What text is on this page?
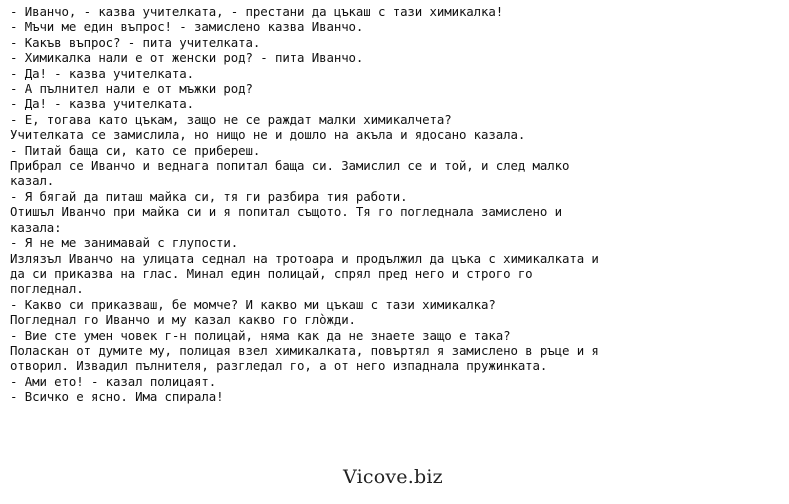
- Иванчо, - казва учителката, - престани да цъкаш с тази химикалка!
- Мъчи ме един въпрос! - замислено казва Иванчо.
- Какъв въпрос? - пита учителката.
- Химикалка нали е от женски род? - пита Иванчо.
- Да! - казва учителката.
- А пълнител нали е от мъжки род?
- Да! - казва учителката.
- Е, тогава като цъкам, защо не се раждат малки химикалчета?
Учителката се замислила, но нищо не и дошло на акъла и ядосано казала.
- Питай баща си, като се прибереш.
Прибрал се Иванчо и веднага попитал баща си. Замислил се и той, и след малко
казал.
- Я бягай да питаш майка си, тя ги разбира тия работи.
Отишъл Иванчо при майка си и я попитал същото. Тя го погледнала замислено и
казала:
- Я не ме занимавай с глупости.
Излязъл Иванчо на улицата седнал на тротоара и продължил да цъка с химикалката и
да си приказва на глас. Минал един полицай, спрял пред него и строго го
погледнал.
- Какво си приказваш, бе момче? И какво ми цъкаш с тази химикалка?
Погледнал го Иванчо и му казал какво го глòжди.
- Вие сте умен човек г-н полицай, няма как да не знаете защо е така?
Поласкан от думите му, полицая взел химикалката, повъртял я замислено в ръце и я
отворил. Извадил пълнителя, разгледал го, а от него изпаднала пружинката.
- Ами ето! - казал полицаят.
- Всичко е ясно. Има спирала!
Vicove.biz
